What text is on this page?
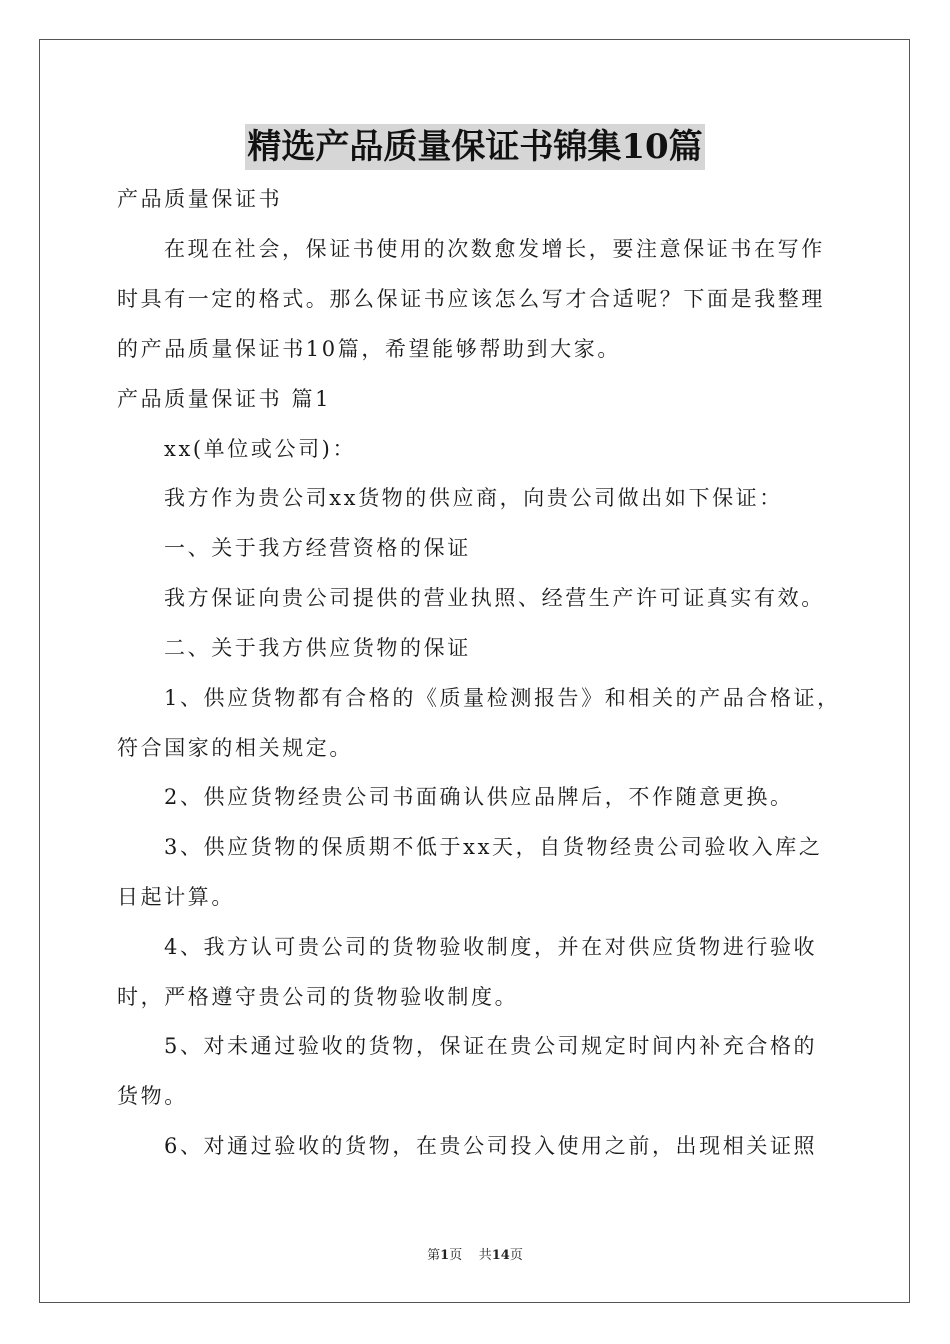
精选产品质量保证书锦集10篇
产品质量保证书
在现在社会，保证书使用的次数愈发增长，要注意保证书在写作
时具有一定的格式。那么保证书应该怎么写才合适呢？下面是我整理
的产品质量保证书10篇，希望能够帮助到大家。
产品质量保证书 篇1
xx(单位或公司)：
我方作为贵公司xx货物的供应商，向贵公司做出如下保证：
一、关于我方经营资格的保证
我方保证向贵公司提供的营业执照、经营生产许可证真实有效。
二、关于我方供应货物的保证
1、供应货物都有合格的《质量检测报告》和相关的产品合格证，
符合国家的相关规定。
2、供应货物经贵公司书面确认供应品牌后，不作随意更换。
3、供应货物的保质期不低于xx天，自货物经贵公司验收入库之
日起计算。
4、我方认可贵公司的货物验收制度，并在对供应货物进行验收
时，严格遵守贵公司的货物验收制度。
5、对未通过验收的货物，保证在贵公司规定时间内补充合格的
货物。
6、对通过验收的货物，在贵公司投入使用之前，出现相关证照
第1页 共14页
